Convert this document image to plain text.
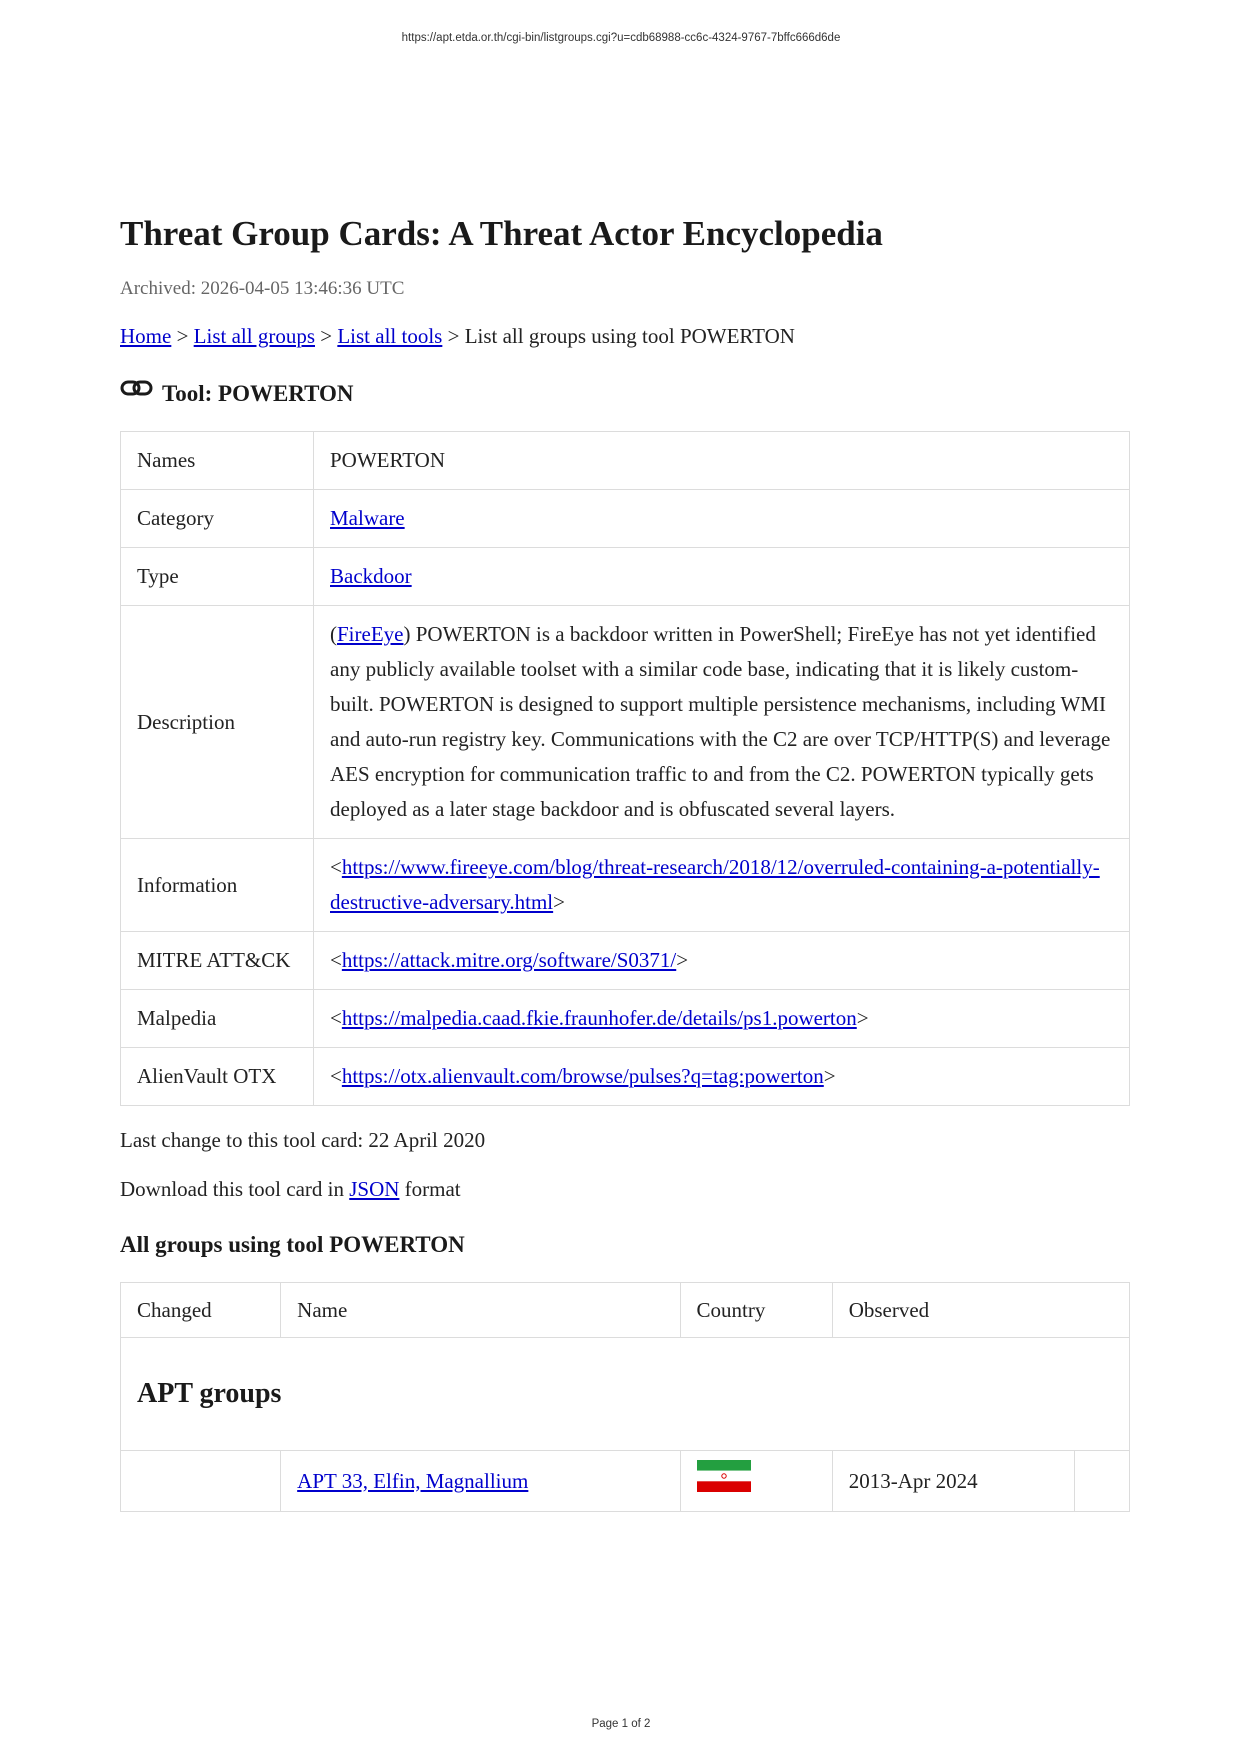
https://apt.etda.or.th/cgi-bin/listgroups.cgi?u=cdb68988-cc6c-4324-9767-7bffc666d6de
Threat Group Cards: A Threat Actor Encyclopedia
Archived: 2026-04-05 13:46:36 UTC
Home > List all groups > List all tools > List all groups using tool POWERTON
Tool: POWERTON
Names	POWERTON
Category	Malware
Type	Backdoor
Description	(FireEye) POWERTON is a backdoor written in PowerShell; FireEye has not yet identified any publicly available toolset with a similar code base, indicating that it is likely custom-built. POWERTON is designed to support multiple persistence mechanisms, including WMI and auto-run registry key. Communications with the C2 are over TCP/HTTP(S) and leverage AES encryption for communication traffic to and from the C2. POWERTON typically gets deployed as a later stage backdoor and is obfuscated several layers.
Information	<https://www.fireeye.com/blog/threat-research/2018/12/overruled-containing-a-potentially-destructive-adversary.html>
MITRE ATT&CK	<https://attack.mitre.org/software/S0371/>
Malpedia	<https://malpedia.caad.fkie.fraunhofer.de/details/ps1.powerton>
AlienVault OTX	<https://otx.alienvault.com/browse/pulses?q=tag:powerton>
Last change to this tool card: 22 April 2020
Download this tool card in JSON format
All groups using tool POWERTON
Changed	Name	Country	Observed	
APT groups				
	APT 33, Elfin, Magnallium		2013-Apr 2024	
Page 1 of 2
